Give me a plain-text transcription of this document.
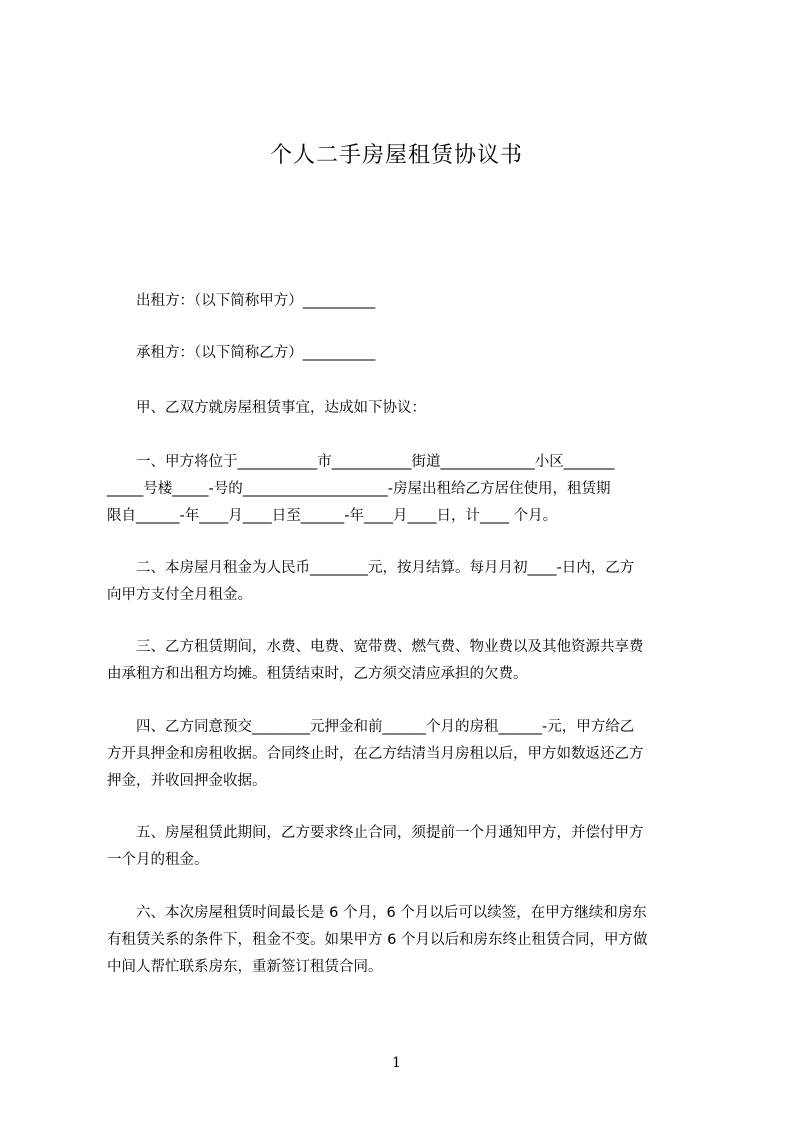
个人二手房屋租赁协议书
出租方：（以下简称甲方）__________
承租方：（以下简称乙方）__________
甲、乙双方就房屋租赁事宜，达成如下协议：
一、甲方将位于___________市___________街道_____________小区_______
_____号楼_____-号的____________________-房屋出租给乙方居住使用，租赁期
限自______-年____月____日至______-年____月____日，计____ 个月。
二、本房屋月租金为人民币________元，按月结算。每月月初____-日内，乙方
向甲方支付全月租金。
三、乙方租赁期间，水费、电费、宽带费、燃气费、物业费以及其他资源共享费
由承租方和出租方均摊。租赁结束时，乙方须交清应承担的欠费。
四、乙方同意预交________元押金和前______个月的房租______-元，甲方给乙
方开具押金和房租收据。合同终止时，在乙方结清当月房租以后，甲方如数返还乙方
押金，并收回押金收据。
五、房屋租赁此期间，乙方要求终止合同，须提前一个月通知甲方，并偿付甲方
一个月的租金。
六、本次房屋租赁时间最长是 6 个月，6 个月以后可以续签，在甲方继续和房东
有租赁关系的条件下，租金不变。如果甲方 6 个月以后和房东终止租赁合同，甲方做
中间人帮忙联系房东，重新签订租赁合同。
1
